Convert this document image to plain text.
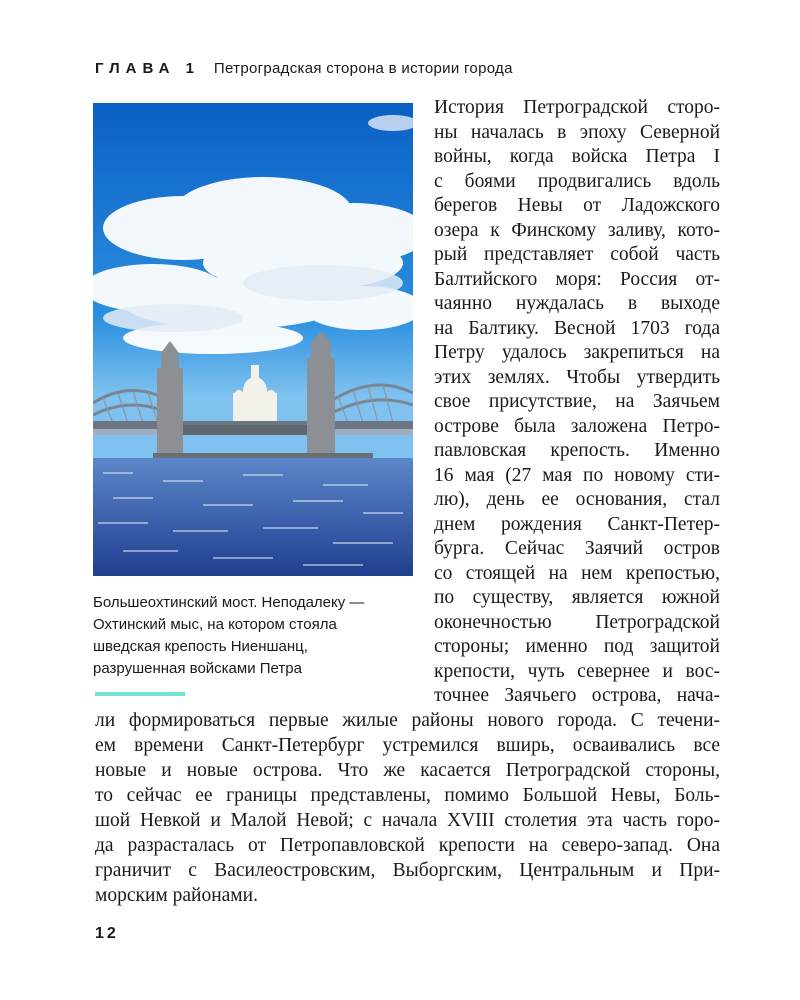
ГЛАВА 1 Петроградская сторона в истории города
Большеохтинский мост. Неподалеку —
Охтинский мыс, на котором стояла
шведская крепость Ниеншанц,
разрушенная войсками Петра
История Петроградской сторо-
ны началась в эпоху Северной
войны, когда войска Петра I
с боями продвигались вдоль
берегов Невы от Ладожского
озера к Финскому заливу, кото-
рый представляет собой часть
Балтийского моря: Россия от-
чаянно нуждалась в выходе
на Балтику. Весной 1703 года
Петру удалось закрепиться на
этих землях. Чтобы утвердить
свое присутствие, на Заячьем
острове была заложена Петро-
павловская крепость. Именно
16 мая (27 мая по новому сти-
лю), день ее основания, стал
днем рождения Санкт-Петер-
бурга. Сейчас Заячий остров
со стоящей на нем крепостью,
по существу, является южной
оконечностью Петроградской
стороны; именно под защитой
крепости, чуть севернее и вос-
точнее Заячьего острова, нача-
ли формироваться первые жилые районы нового города. С течени-
ем времени Санкт-Петербург устремился вширь, осваивались все
новые и новые острова. Что же касается Петроградской стороны,
то сейчас ее границы представлены, помимо Большой Невы, Боль-
шой Невкой и Малой Невой; с начала XVIII столетия эта часть горо-
да разрасталась от Петропавловской крепости на северо-запад. Она
граничит с Василеостровским, Выборгским, Центральным и При-
морским районами.
12
